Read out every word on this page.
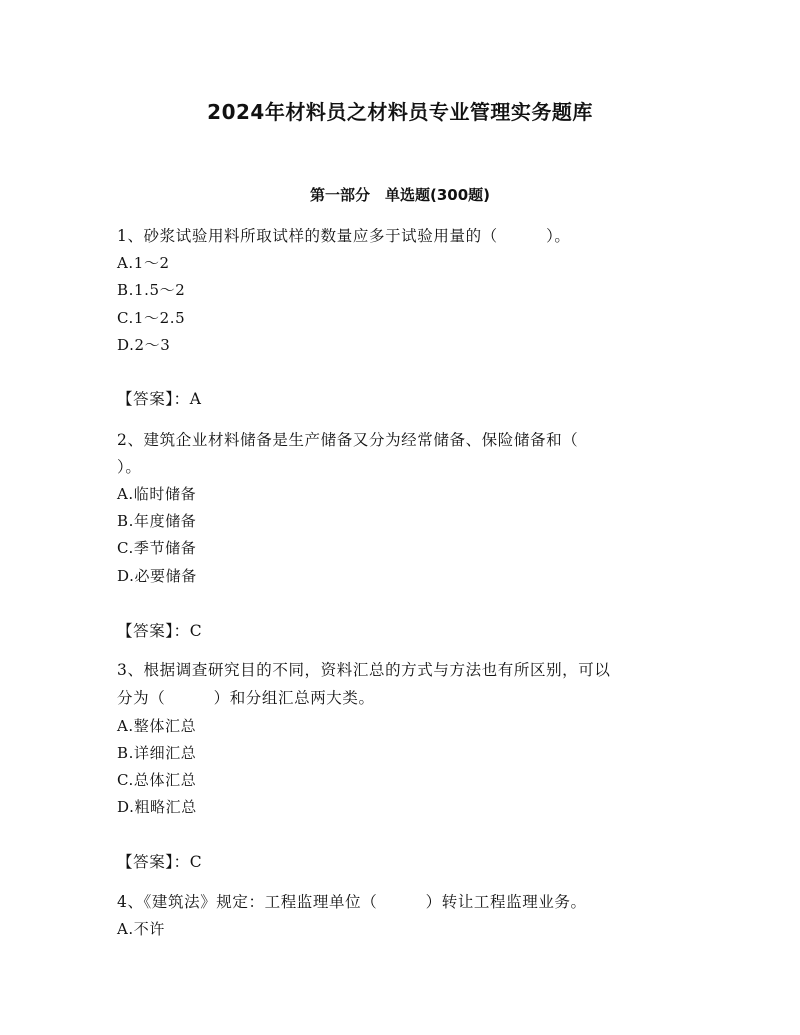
2024年材料员之材料员专业管理实务题库
第一部分　单选题(300题)
1、砂浆试验用料所取试样的数量应多于试验用量的（　　　）。
A.1～2
B.1.5～2
C.1～2.5
D.2～3
【答案】：A
2、建筑企业材料储备是生产储备又分为经常储备、保险储备和（
）。
A.临时储备
B.年度储备
C.季节储备
D.必要储备
【答案】：C
3、根据调查研究目的不同，资料汇总的方式与方法也有所区别，可以
分为（　　　）和分组汇总两大类。
A.整体汇总
B.详细汇总
C.总体汇总
D.粗略汇总
【答案】：C
4、《建筑法》规定：工程监理单位（　　　）转让工程监理业务。
A.不许
